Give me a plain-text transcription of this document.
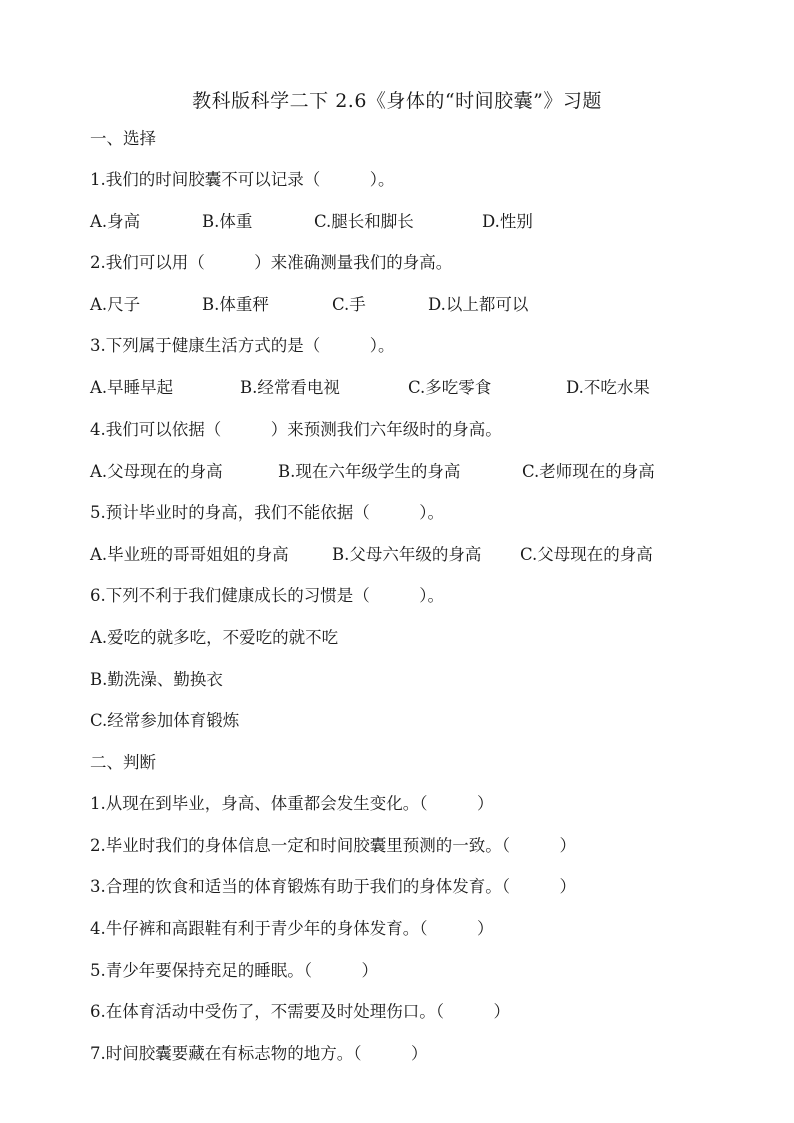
教科版科学二下 2.6《身体的“时间胶囊”》习题
一、选择
1.我们的时间胶囊不可以记录（　　　）。
A.身高	B.体重	C.腿长和脚长	D.性别
2.我们可以用（　　　）来准确测量我们的身高。
A.尺子	B.体重秤	C.手	D.以上都可以
3.下列属于健康生活方式的是（　　　）。
A.早睡早起	B.经常看电视	C.多吃零食	D.不吃水果
4.我们可以依据（　　　）来预测我们六年级时的身高。
A.父母现在的身高	B.现在六年级学生的身高	C.老师现在的身高
5.预计毕业时的身高，我们不能依据（　　　）。
A.毕业班的哥哥姐姐的身高	B.父母六年级的身高 C.父母现在的身高
6.下列不利于我们健康成长的习惯是（　　　）。
A.爱吃的就多吃，不爱吃的就不吃
B.勤洗澡、勤换衣
C.经常参加体育锻炼
二、判断
1.从现在到毕业，身高、体重都会发生变化。（　　　）
2.毕业时我们的身体信息一定和时间胶囊里预测的一致。（　　　）
3.合理的饮食和适当的体育锻炼有助于我们的身体发育。（　　　）
4.牛仔裤和高跟鞋有利于青少年的身体发育。（　　　）
5.青少年要保持充足的睡眠。（　　　）
6.在体育活动中受伤了，不需要及时处理伤口。（　　　）
7.时间胶囊要藏在有标志物的地方。（　　　）
